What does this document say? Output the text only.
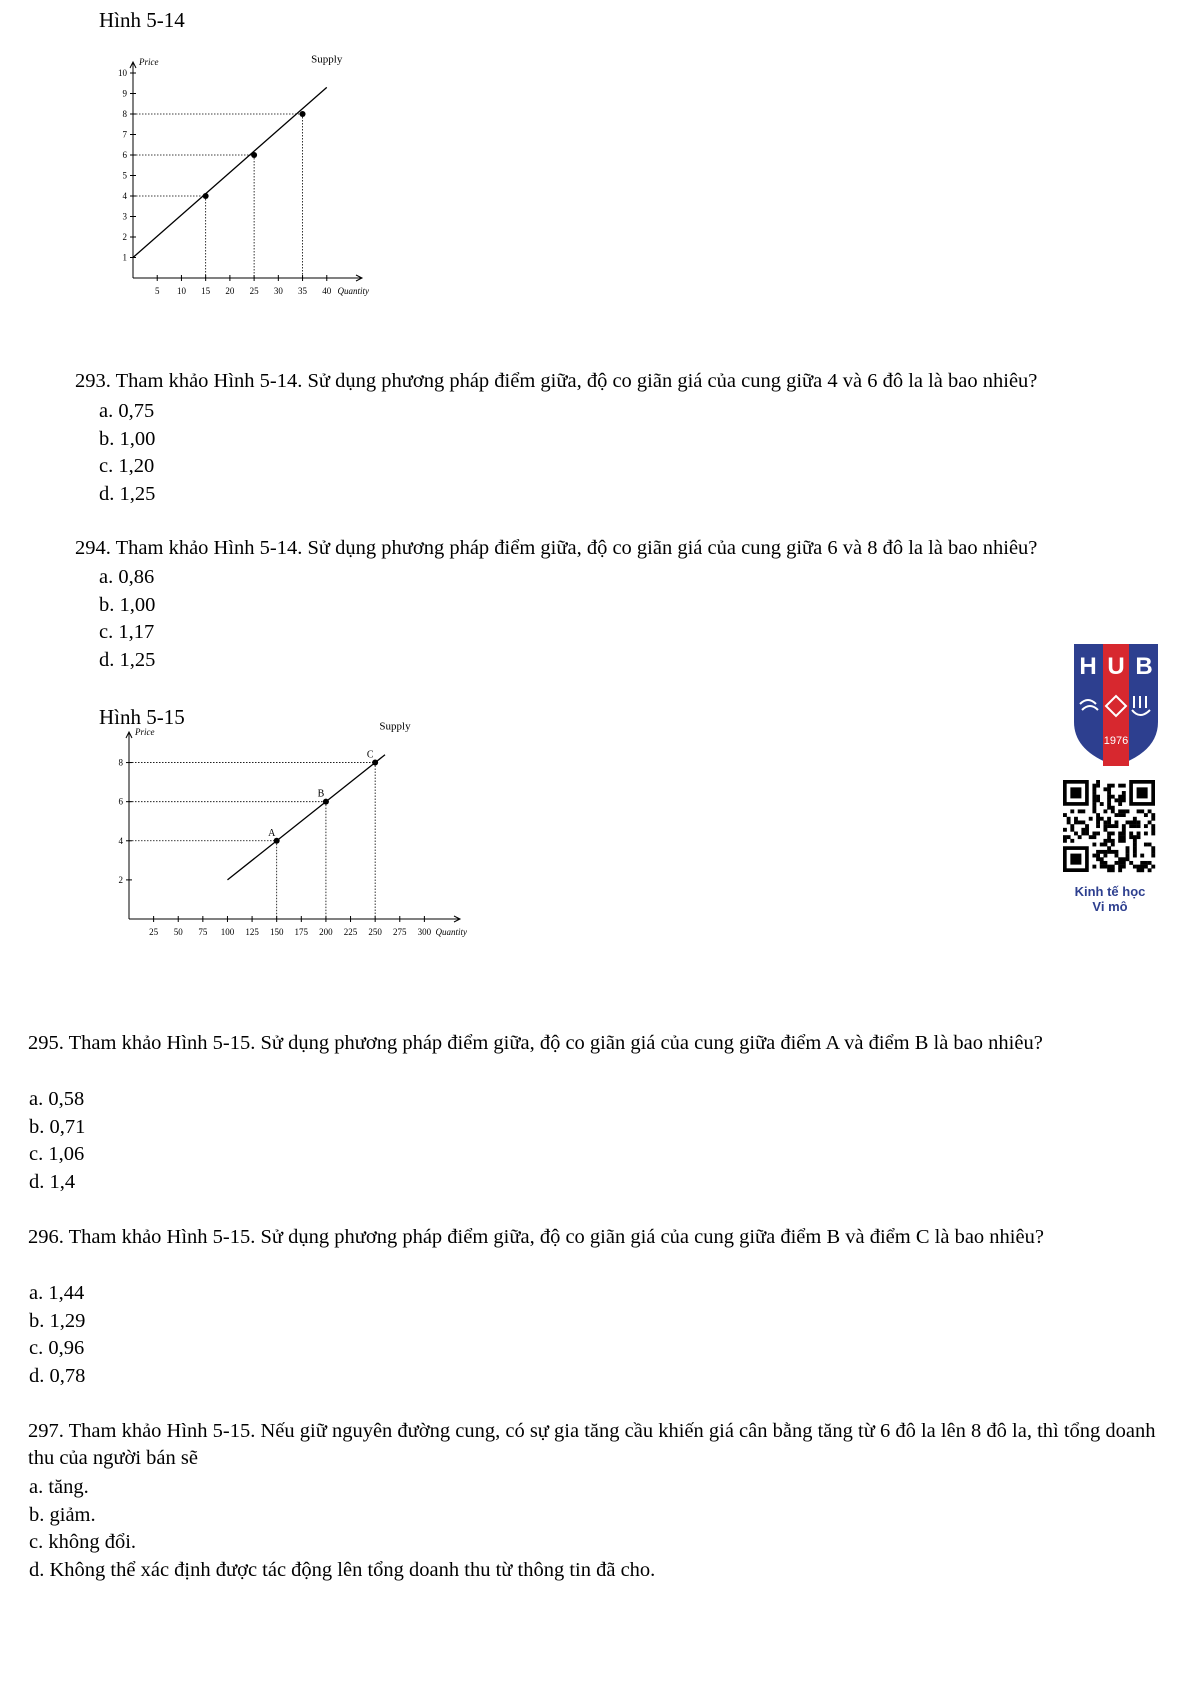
Hình 5-14
1
2
3
4
5
6
7
8
9
10
5 10 15 20 25 30 35 40
Price
Quantity
Supply
293. Tham khảo Hình 5-14. Sử dụng phương pháp điểm giữa, độ co giãn giá của cung giữa 4 và 6 đô la là bao nhiêu?
a. 0,75
b. 1,00
c. 1,20
d. 1,25
294. Tham khảo Hình 5-14. Sử dụng phương pháp điểm giữa, độ co giãn giá của cung giữa 6 và 8 đô la là bao nhiêu?
a. 0,86
b. 1,00
c. 1,17
d. 1,25
Hình 5-15
2
4
6
8
25 50 75 100 125 150 175 200 225 250 275 300
Price
Quantity
Supply
A
B
C
H U B
1976
Kinh tế học
Vi mô
295. Tham khảo Hình 5-15. Sử dụng phương pháp điểm giữa, độ co giãn giá của cung giữa điểm A và điểm B là bao nhiêu?
a. 0,58
b. 0,71
c. 1,06
d. 1,4
296. Tham khảo Hình 5-15. Sử dụng phương pháp điểm giữa, độ co giãn giá của cung giữa điểm B và điểm C là bao nhiêu?
a. 1,44
b. 1,29
c. 0,96
d. 0,78
297. Tham khảo Hình 5-15. Nếu giữ nguyên đường cung, có sự gia tăng cầu khiến giá cân bằng tăng từ 6 đô la lên 8 đô la, thì tổng doanh thu của người bán sẽ
a. tăng.
b. giảm.
c. không đổi.
d. Không thể xác định được tác động lên tổng doanh thu từ thông tin đã cho.
